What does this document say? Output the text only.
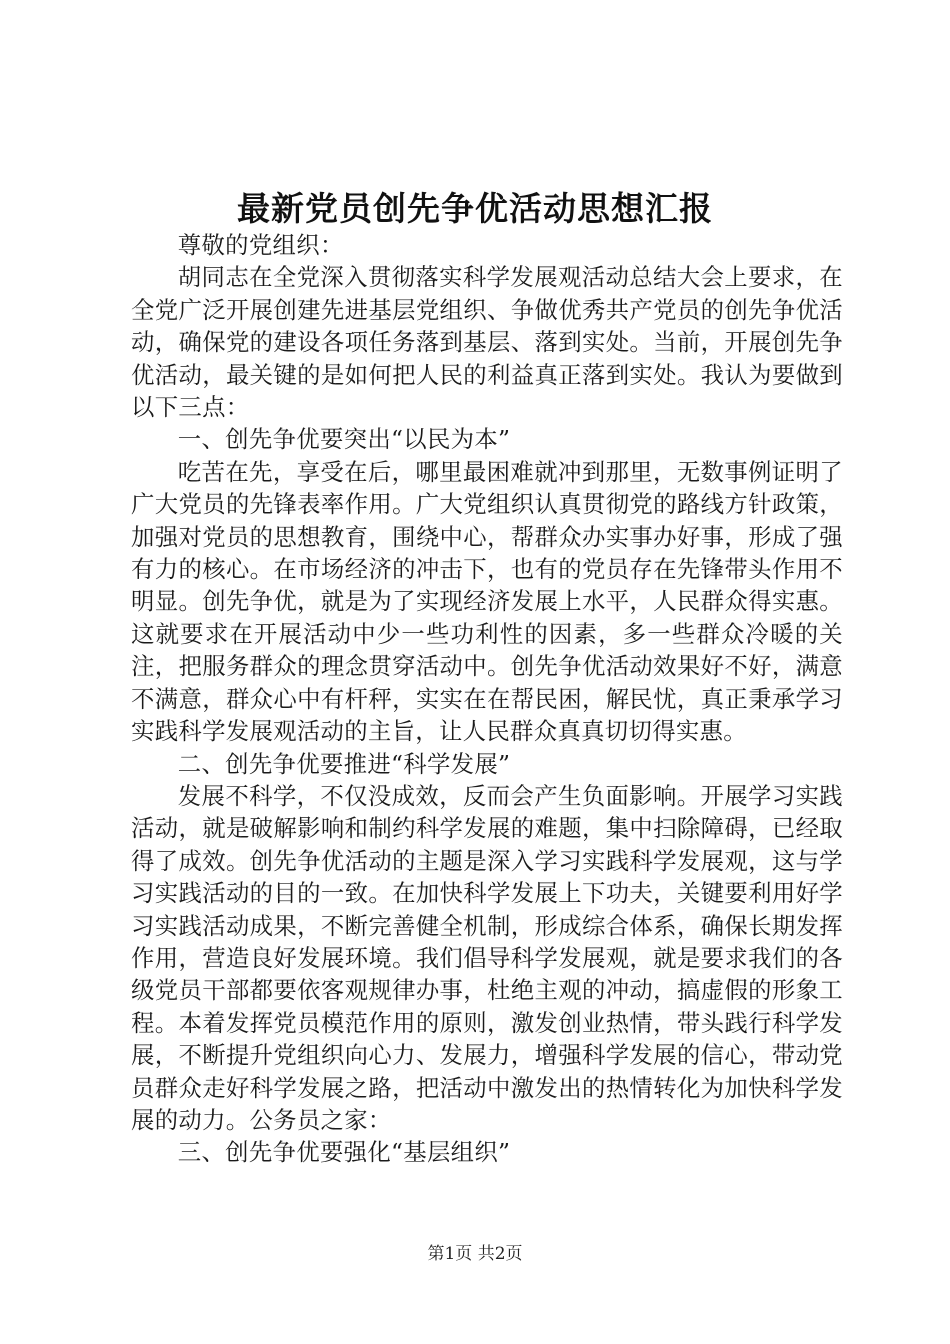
最新党员创先争优活动思想汇报

尊敬的党组织：

胡同志在全党深入贯彻落实科学发展观活动总结大会上要求，在全党广泛开展创建先进基层党组织、争做优秀共产党员的创先争优活动，确保党的建设各项任务落到基层、落到实处。当前，开展创先争优活动，最关键的是如何把人民的利益真正落到实处。我认为要做到以下三点：

一、创先争优要突出“以民为本”

吃苦在先，享受在后，哪里最困难就冲到那里，无数事例证明了广大党员的先锋表率作用。广大党组织认真贯彻党的路线方针政策，加强对党员的思想教育，围绕中心，帮群众办实事办好事，形成了强有力的核心。在市场经济的冲击下，也有的党员存在先锋带头作用不明显。创先争优，就是为了实现经济发展上水平，人民群众得实惠。这就要求在开展活动中少一些功利性的因素，多一些群众冷暖的关注，把服务群众的理念贯穿活动中。创先争优活动效果好不好，满意不满意，群众心中有杆秤，实实在在帮民困，解民忧，真正秉承学习实践科学发展观活动的主旨，让人民群众真真切切得实惠。

二、创先争优要推进“科学发展”

发展不科学，不仅没成效，反而会产生负面影响。开展学习实践活动，就是破解影响和制约科学发展的难题，集中扫除障碍，已经取得了成效。创先争优活动的主题是深入学习实践科学发展观，这与学习实践活动的目的一致。在加快科学发展上下功夫，关键要利用好学习实践活动成果，不断完善健全机制，形成综合体系，确保长期发挥作用，营造良好发展环境。我们倡导科学发展观，就是要求我们的各级党员干部都要依客观规律办事，杜绝主观的冲动，搞虚假的形象工程。本着发挥党员模范作用的原则，激发创业热情，带头践行科学发展，不断提升党组织向心力、发展力，增强科学发展的信心，带动党员群众走好科学发展之路，把活动中激发出的热情转化为加快科学发展的动力。公务员之家：

三、创先争优要强化“基层组织”

第1页 共2页
